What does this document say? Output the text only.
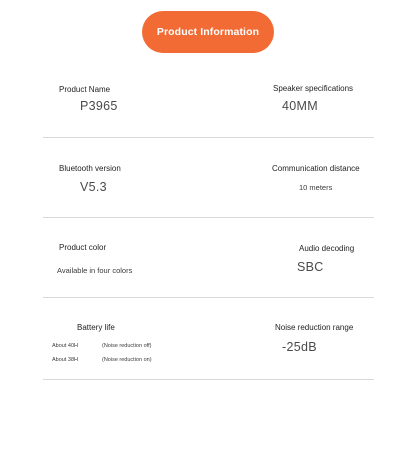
Product Information
Product Name
P3965
Speaker specifications
40MM
Bluetooth version
V5.3
Communication distance
10 meters
Product color
Available in four colors
Audio decoding
SBC
Battery life
About 40H	(Noise reduction off)
About 38H	(Noise reduction on)
Noise reduction range
-25dB
